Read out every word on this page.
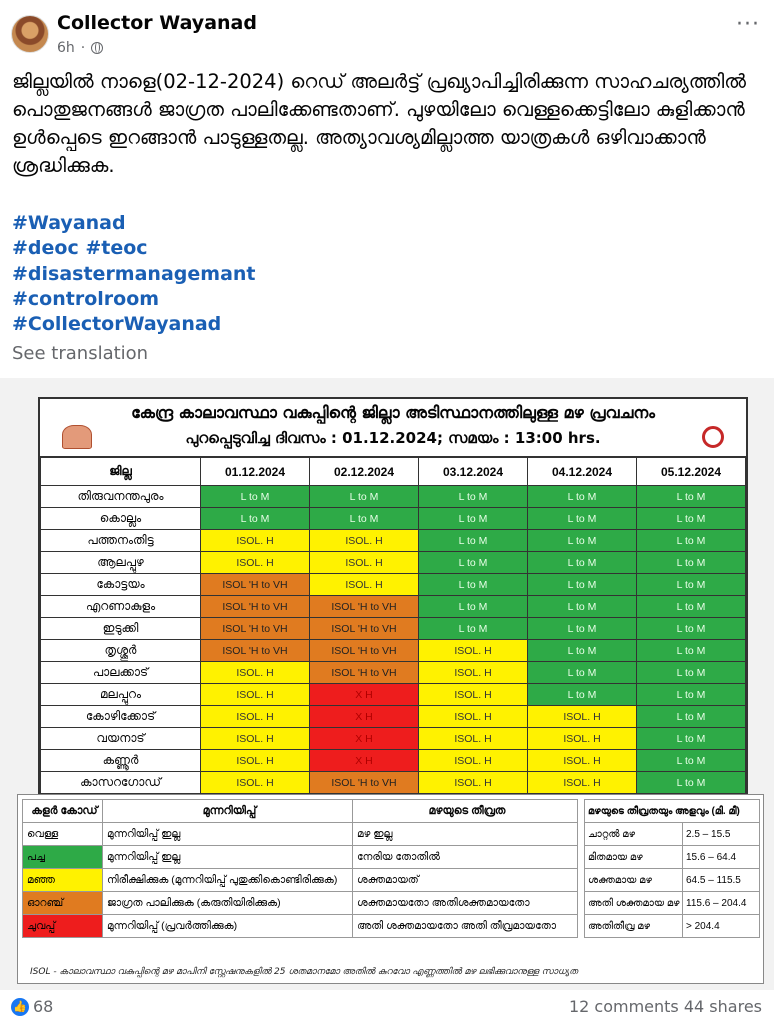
Collector Wayanad
6h ·
···
ജില്ലയിൽ നാളെ(02-12-2024) റെഡ് അലർട്ട് പ്രഖ്യാപിച്ചിരിക്കുന്ന സാഹചര്യത്തിൽ പൊതുജനങ്ങൾ ജാഗ്രത പാലിക്കേണ്ടതാണ്. പുഴയിലോ വെള്ളക്കെട്ടിലോ കുളിക്കാൻ ഉൾപ്പെടെ ഇറങ്ങാൻ പാടുള്ളതല്ല. അത്യാവശ്യമില്ലാത്ത യാത്രകൾ ഒഴിവാക്കാൻ ശ്രദ്ധിക്കുക.
#Wayanad
#deoc #teoc
#disastermanagemant
#controlroom
#CollectorWayanad
See translation
കേന്ദ്ര കാലാവസ്ഥാ വകുപ്പിന്റെ ജില്ലാ അടിസ്ഥാനത്തിലുള്ള മഴ പ്രവചനം
പുറപ്പെടുവിച്ച ദിവസം : 01.12.2024; സമയം : 13:00 hrs.
ജില്ല	01.12.2024	02.12.2024	03.12.2024	04.12.2024	05.12.2024
തിരുവനന്തപുരം	L to M	L to M	L to M	L to M	L to M
കൊല്ലം	L to M	L to M	L to M	L to M	L to M
പത്തനംതിട്ട	ISOL. H	ISOL. H	L to M	L to M	L to M
ആലപ്പുഴ	ISOL. H	ISOL. H	L to M	L to M	L to M
കോട്ടയം	ISOL 'H to VH	ISOL. H	L to M	L to M	L to M
എറണാകുളം	ISOL 'H to VH	ISOL 'H to VH	L to M	L to M	L to M
ഇടുക്കി	ISOL 'H to VH	ISOL 'H to VH	L to M	L to M	L to M
തൃശ്ശൂർ	ISOL 'H to VH	ISOL 'H to VH	ISOL. H	L to M	L to M
പാലക്കാട്	ISOL. H	ISOL 'H to VH	ISOL. H	L to M	L to M
മലപ്പുറം	ISOL. H	X H	ISOL. H	L to M	L to M
കോഴിക്കോട്	ISOL. H	X H	ISOL. H	ISOL. H	L to M
വയനാട്	ISOL. H	X H	ISOL. H	ISOL. H	L to M
കണ്ണൂർ	ISOL. H	X H	ISOL. H	ISOL. H	L to M
കാസറഗോഡ്	ISOL. H	ISOL 'H to VH	ISOL. H	ISOL. H	L to M
കളർ കോഡ്	മുന്നറിയിപ്പ്	മഴയുടെ തീവ്രത
വെള്ള	മുന്നറിയിപ്പ് ഇല്ല	മഴ ഇല്ല
പച്ച	മുന്നറിയിപ്പ് ഇല്ല	നേരിയ തോതിൽ
മഞ്ഞ	നിരീക്ഷിക്കുക (മുന്നറിയിപ്പ് പുതുക്കികൊണ്ടിരിക്കുക)	ശക്തമായത്
ഓറഞ്ച്	ജാഗ്രത പാലിക്കുക (കരുതിയിരിക്കുക)	ശക്തമായതോ അതിശക്തമായതോ
ചുവപ്പ്	മുന്നറിയിപ്പ് (പ്രവർത്തിക്കുക)	അതി ശക്തമായതോ അതി തീവ്രമായതോ
മഴയുടെ തീവ്രതയും അളവും (മി. മീ)	
ചാറ്റൽ മഴ	2.5 – 15.5
മിതമായ മഴ	15.6 – 64.4
ശക്തമായ മഴ	64.5 – 115.5
അതി ശക്തമായ മഴ	115.6 – 204.4
അതിതീവ്ര മഴ	> 204.4
ISOL - കാലാവസ്ഥാ വകുപ്പിന്റെ മഴ മാപിനി സ്റ്റേഷനുകളിൽ 25 ശതമാനമോ അതിൽ കുറവോ എണ്ണത്തിൽ മഴ ലഭിക്കുവാനുള്ള സാധ്യത
👍 68	12 comments 44 shares
